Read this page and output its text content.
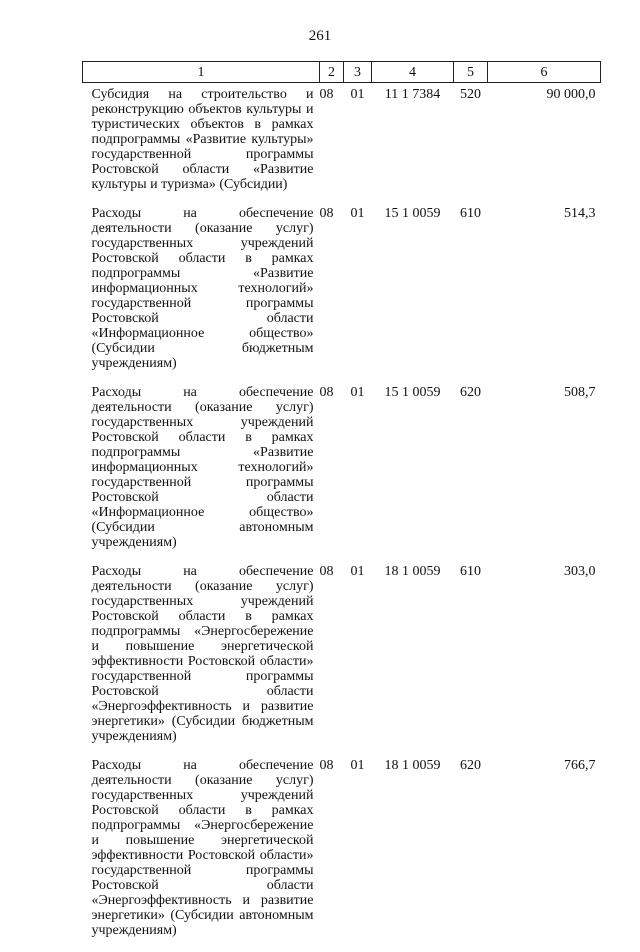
261
1	2	3	4	5	6
Субсидия на строительство и реконструкцию объектов культуры и туристических объектов в рамках подпрограммы «Развитие культуры» государственной программы Ростовской области «Развитие культуры и туризма» (Субсидии)	08	01	11 1 7384	520	90 000,0
Расходы на обеспечение деятельности (оказание услуг) государственных учреждений Ростовской области в рамках подпрограммы «Развитие информационных технологий» государственной программы Ростовской области «Информационное общество» (Субсидии бюджетным учреждениям)	08	01	15 1 0059	610	514,3
Расходы на обеспечение деятельности (оказание услуг) государственных учреждений Ростовской области в рамках подпрограммы «Развитие информационных технологий» государственной программы Ростовской области «Информационное общество» (Субсидии автономным учреждениям)	08	01	15 1 0059	620	508,7
Расходы на обеспечение деятельности (оказание услуг) государственных учреждений Ростовской области в рамках подпрограммы «Энергосбережение и повышение энергетической эффективности Ростовской области» государственной программы Ростовской области «Энергоэффективность и развитие энергетики» (Субсидии бюджетным учреждениям)	08	01	18 1 0059	610	303,0
Расходы на обеспечение деятельности (оказание услуг) государственных учреждений Ростовской области в рамках подпрограммы «Энергосбережение и повышение энергетической эффективности Ростовской области» государственной программы Ростовской области «Энергоэффективность и развитие энергетики» (Субсидии автономным учреждениям)	08	01	18 1 0059	620	766,7
